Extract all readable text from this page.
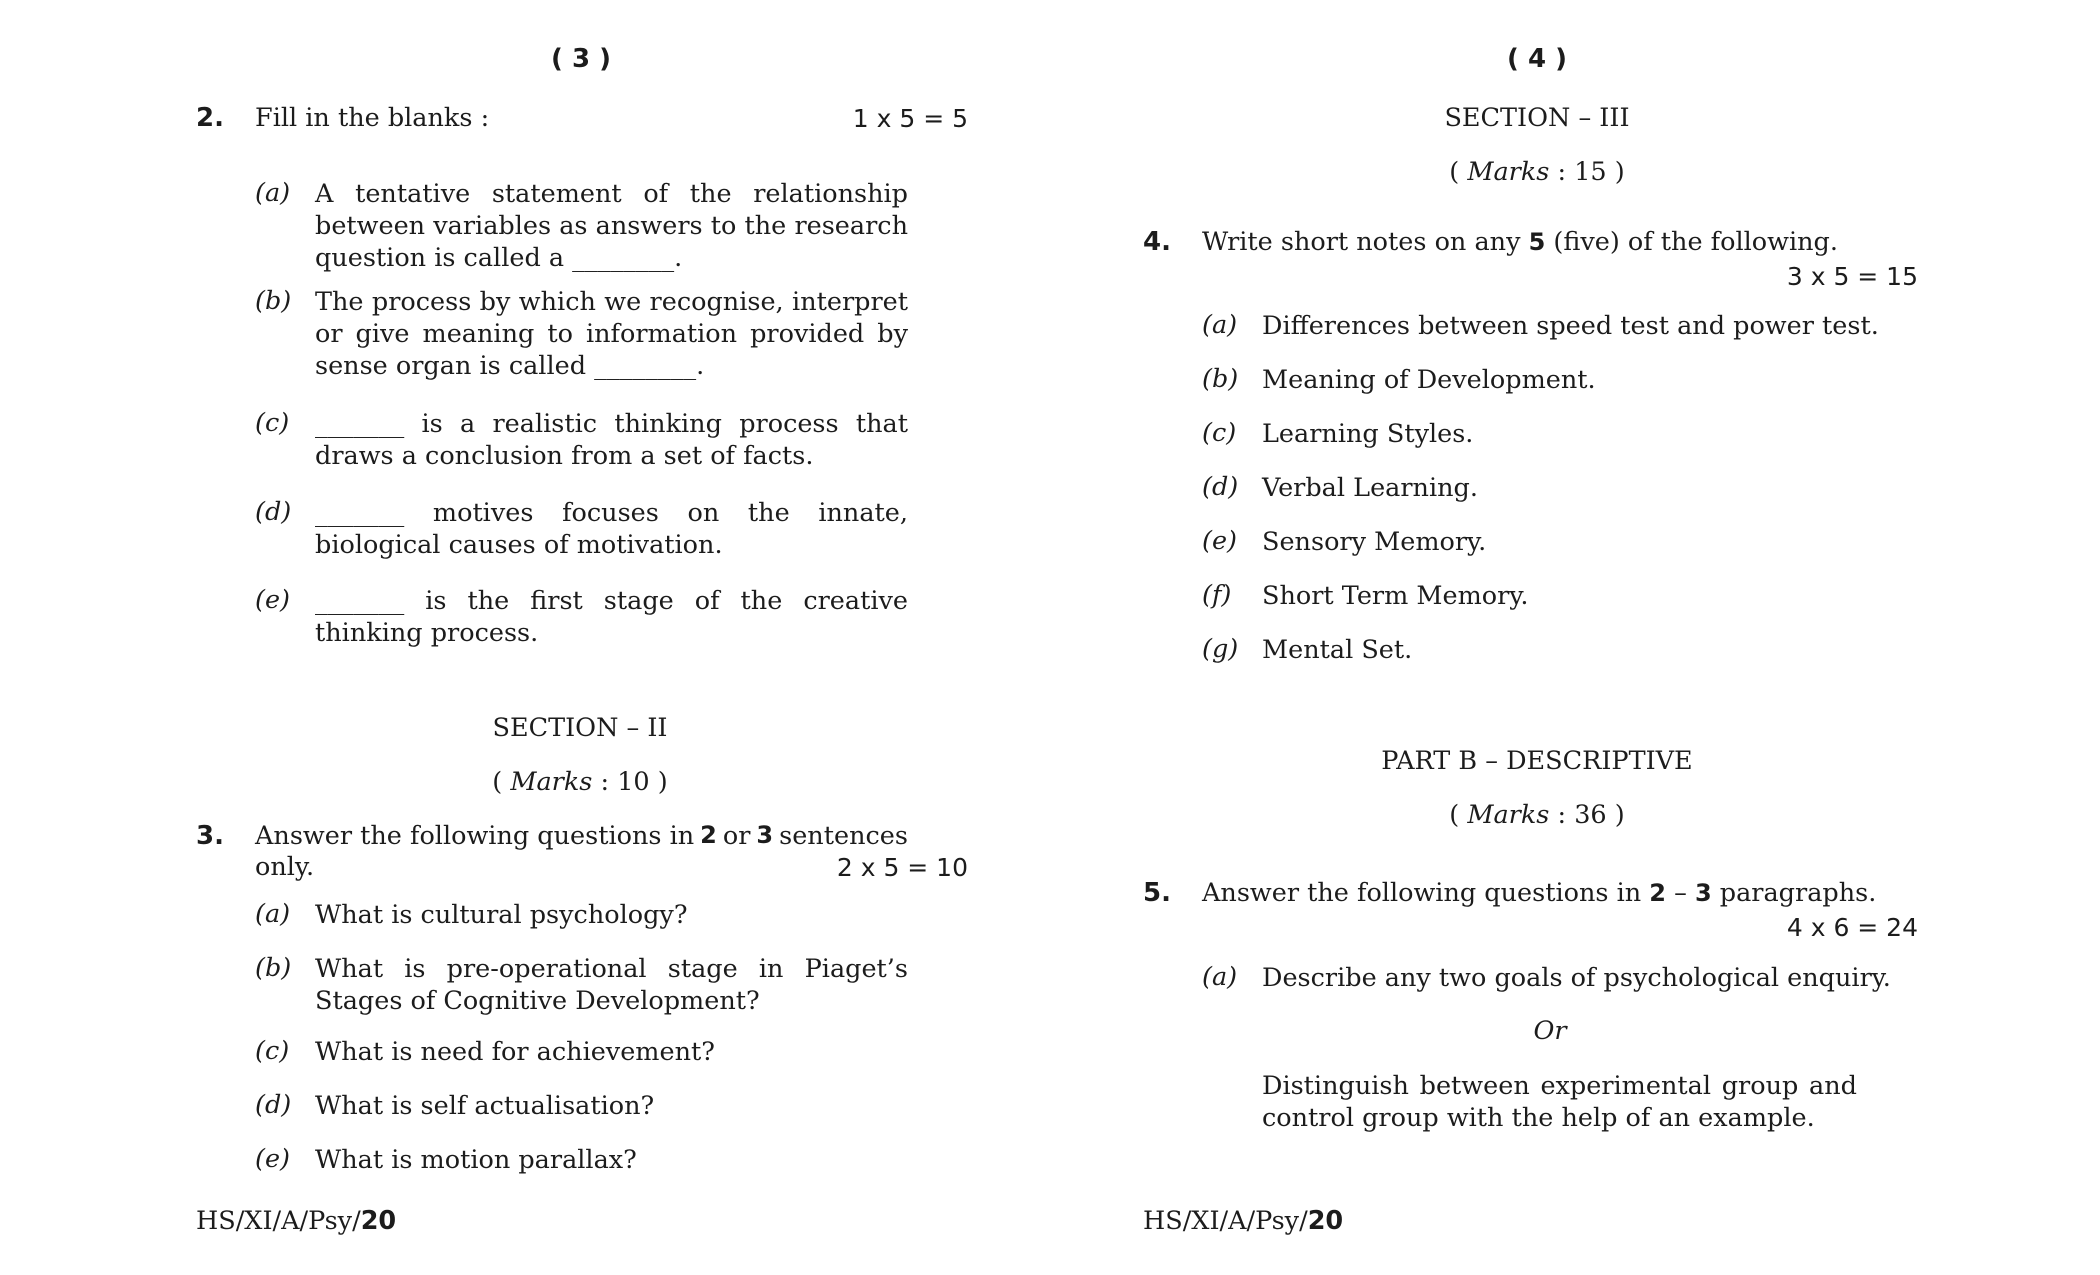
( 3 )
2. Fill in the blanks :	1 x 5 = 5
(a) A tentative statement of the relationship between variables as answers to the research question is called a ________.
(b) The process by which we recognise, interpret or give meaning to information provided by sense organ is called ________.
(c)	_______ is a realistic thinking process that draws a conclusion from a set of facts.
(d) _______ motives focuses on the innate, biological causes of motivation.
(e) _______ is the first stage of the creative thinking process.
SECTION – II
( Marks : 10 )
3. Answer the following questions in 2 or 3 sentences
only.	2 x 5 = 10
(a) What is cultural psychology?
(b) What is pre-operational stage in Piaget’s Stages of Cognitive Development?
(c)	What is need for achievement?
(d) What is self actualisation?
(e) What is motion parallax?
HS/XI/A/Psy/20
( 4 )
SECTION – III
( Marks : 15 )
4. Write short notes on any 5 (five) of the following.
3 x 5 = 15
(a) Differences between speed test and power test.
(b) Meaning of Development.
(c)	Learning Styles.
(d) Verbal Learning.
(e) Sensory Memory.
(f)	Short Term Memory.
(g) Mental Set.
PART B – DESCRIPTIVE
( Marks : 36 )
5. Answer the following questions in 2 – 3 paragraphs.
4 x 6 = 24
(a) Describe any two goals of psychological enquiry.
Or
Distinguish between experimental group and control group with the help of an example.
HS/XI/A/Psy/20
